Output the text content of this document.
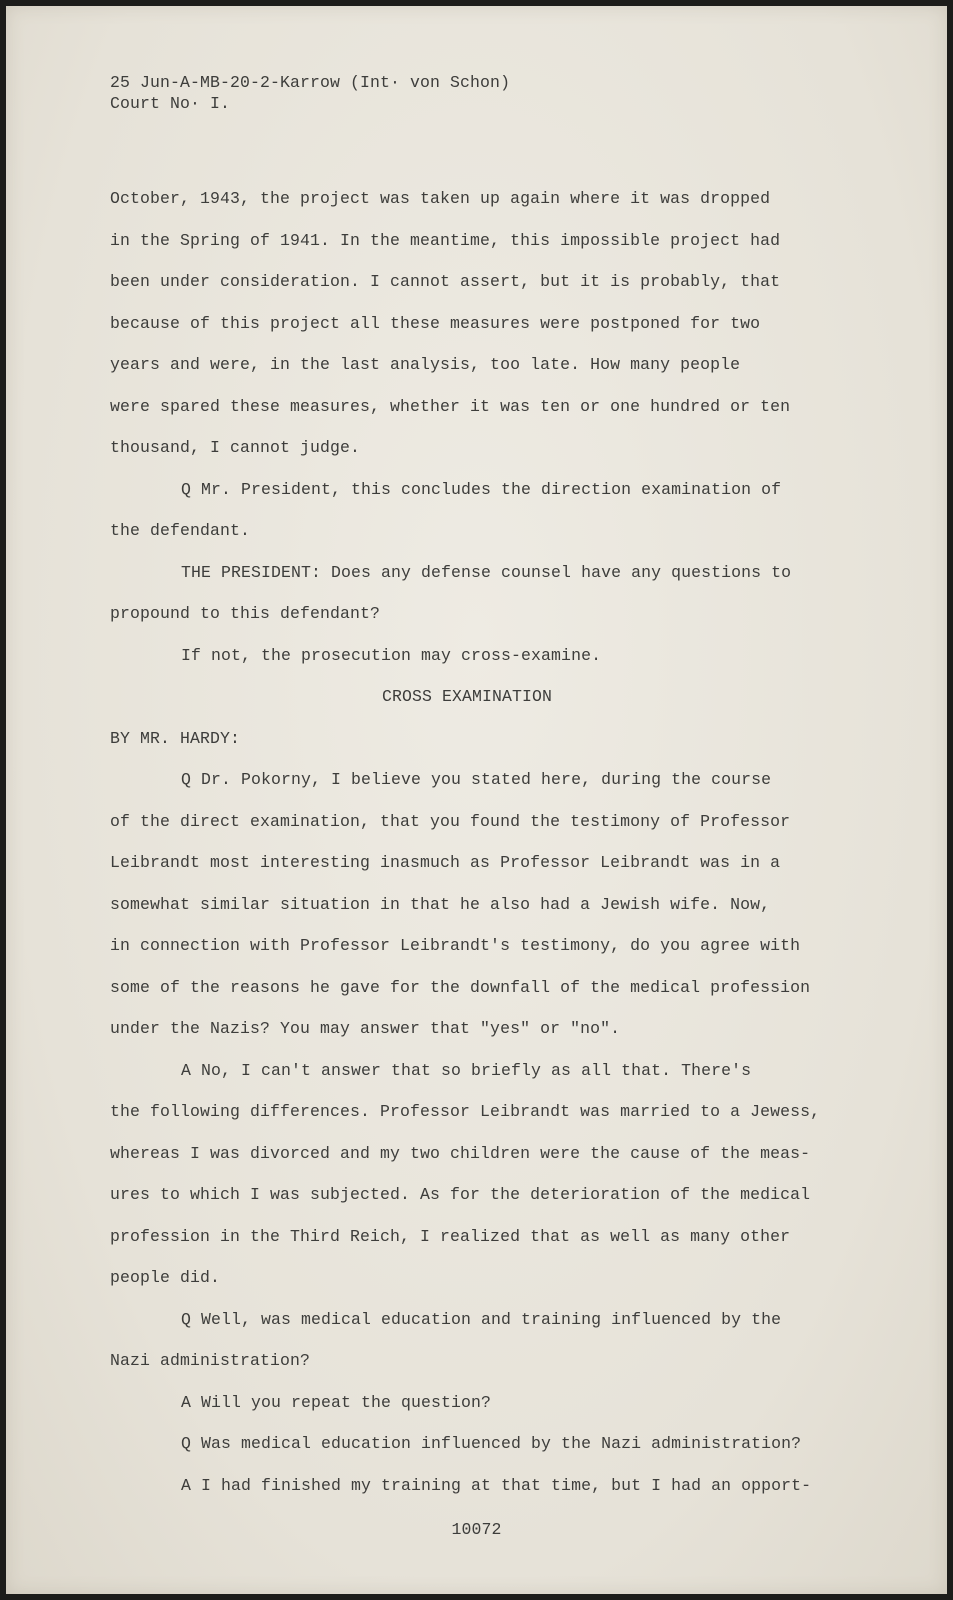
25 Jun-A-MB-20-2-Karrow (Int∙ von Schon)
Court No∙ I.
October, 1943, the project was taken up again where it was dropped
in the Spring of 1941. In the meantime, this impossible project had
been under consideration. I cannot assert, but it is probably, that
because of this project all these measures were postponed for two
years and were, in the last analysis, too late. How many people
were spared these measures, whether it was ten or one hundred or ten
thousand, I cannot judge.
Q Mr. President, this concludes the direction examination of
the defendant.
THE PRESIDENT: Does any defense counsel have any questions to
propound to this defendant?
If not, the prosecution may cross-examine.
CROSS EXAMINATION
BY MR. HARDY:
Q Dr. Pokorny, I believe you stated here, during the course
of the direct examination, that you found the testimony of Professor
Leibrandt most interesting inasmuch as Professor Leibrandt was in a
somewhat similar situation in that he also had a Jewish wife. Now,
in connection with Professor Leibrandt's testimony, do you agree with
some of the reasons he gave for the downfall of the medical profession
under the Nazis? You may answer that "yes" or "no".
A No, I can't answer that so briefly as all that. There's
the following differences. Professor Leibrandt was married to a Jewess,
whereas I was divorced and my two children were the cause of the meas-
ures to which I was subjected. As for the deterioration of the medical
profession in the Third Reich, I realized that as well as many other
people did.
Q Well, was medical education and training influenced by the
Nazi administration?
A Will you repeat the question?
Q Was medical education influenced by the Nazi administration?
A I had finished my training at that time, but I had an opport-
10072
